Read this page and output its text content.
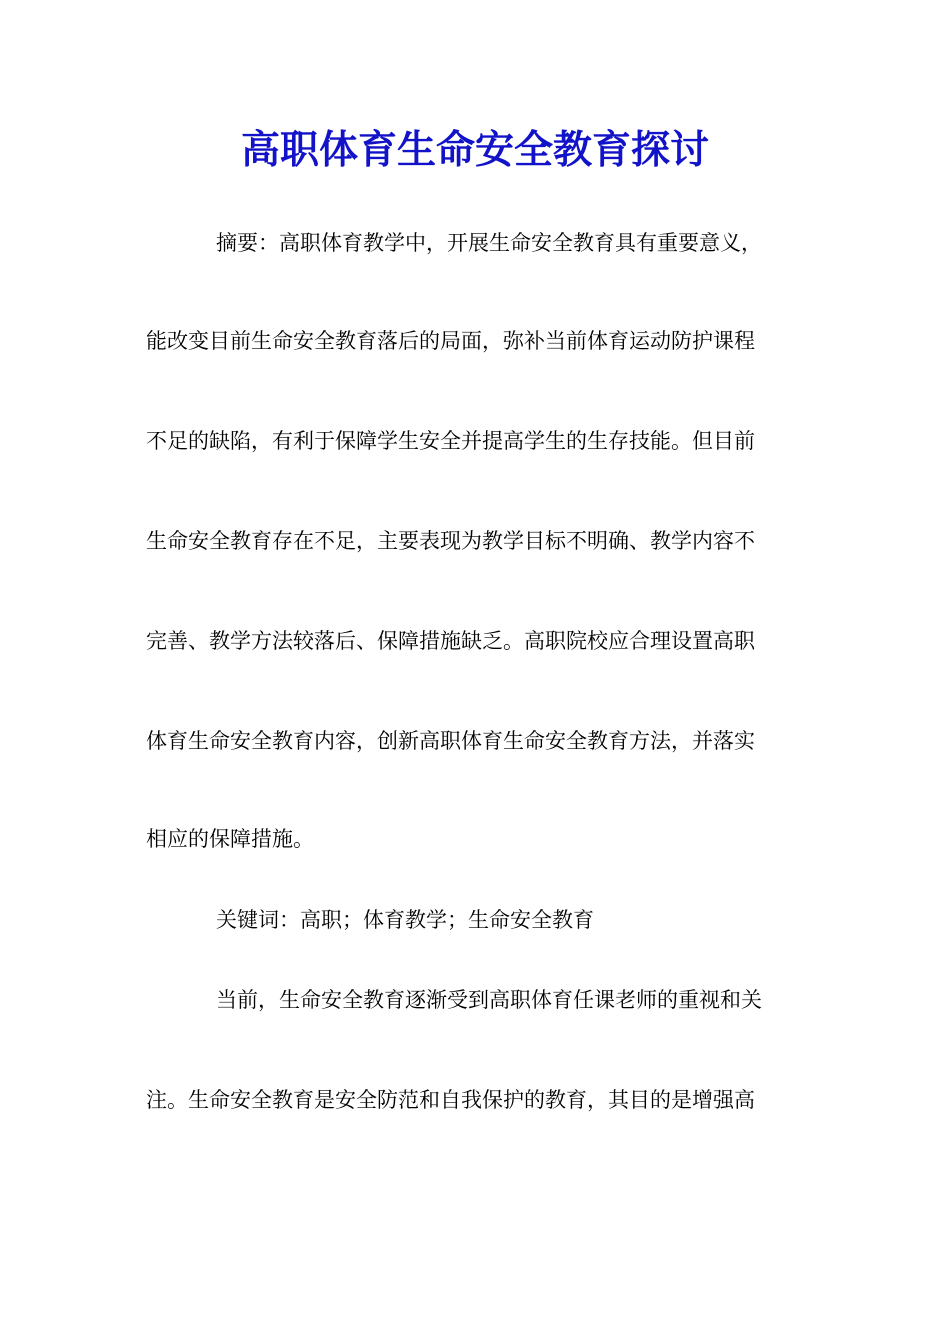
高职体育生命安全教育探讨

摘要：高职体育教学中，开展生命安全教育具有重要意义，

能改变目前生命安全教育落后的局面，弥补当前体育运动防护课程

不足的缺陷，有利于保障学生安全并提高学生的生存技能。但目前

生命安全教育存在不足，主要表现为教学目标不明确、教学内容不

完善、教学方法较落后、保障措施缺乏。高职院校应合理设置高职

体育生命安全教育内容，创新高职体育生命安全教育方法，并落实

相应的保障措施。

关键词：高职；体育教学；生命安全教育

当前，生命安全教育逐渐受到高职体育任课老师的重视和关

注。生命安全教育是安全防范和自我保护的教育，其目的是增强高
